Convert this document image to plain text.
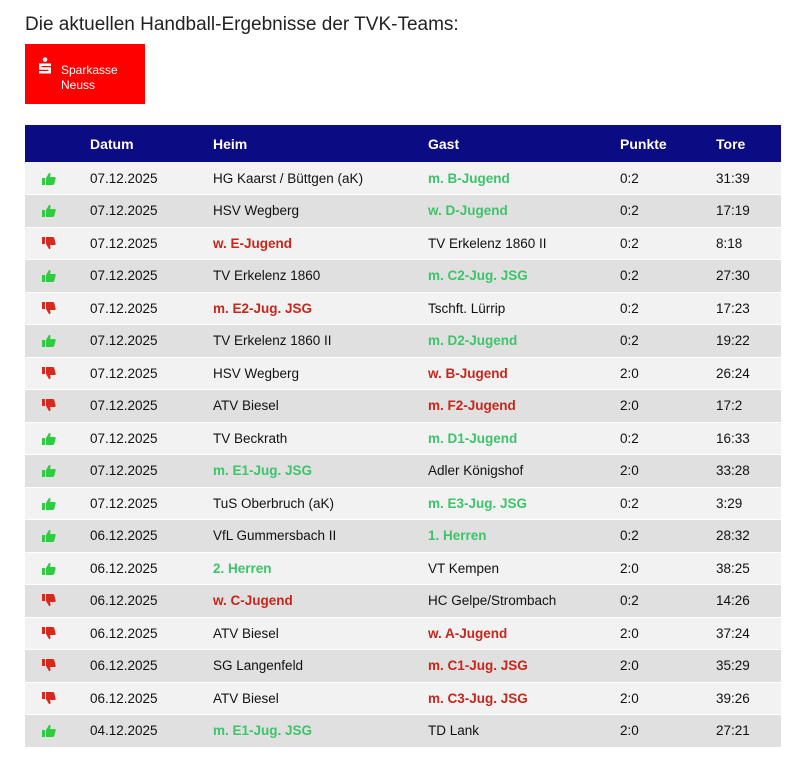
Die aktuellen Handball-Ergebnisse der TVK-Teams:
Sparkasse
Neuss
	Datum	Heim	Gast	Punkte	Tore

	07.12.2025	HG Kaarst / Büttgen (aK)	m. B-Jugend	0:2	31:39

	07.12.2025	HSV Wegberg	w. D-Jugend	0:2	17:19

	07.12.2025	w. E-Jugend	TV Erkelenz 1860 II	0:2	8:18

	07.12.2025	TV Erkelenz 1860	m. C2-Jug. JSG	0:2	27:30

	07.12.2025	m. E2-Jug. JSG	Tschft. Lürrip	0:2	17:23

	07.12.2025	TV Erkelenz 1860 II	m. D2-Jugend	0:2	19:22

	07.12.2025	HSV Wegberg	w. B-Jugend	2:0	26:24

	07.12.2025	ATV Biesel	m. F2-Jugend	2:0	17:2

	07.12.2025	TV Beckrath	m. D1-Jugend	0:2	16:33

	07.12.2025	m. E1-Jug. JSG	Adler Königshof	2:0	33:28

	07.12.2025	TuS Oberbruch (aK)	m. E3-Jug. JSG	0:2	3:29

	06.12.2025	VfL Gummersbach II	1. Herren	0:2	28:32

	06.12.2025	2. Herren	VT Kempen	2:0	38:25

	06.12.2025	w. C-Jugend	HC Gelpe/Strombach	0:2	14:26

	06.12.2025	ATV Biesel	w. A-Jugend	2:0	37:24

	06.12.2025	SG Langenfeld	m. C1-Jug. JSG	2:0	35:29

	06.12.2025	ATV Biesel	m. C3-Jug. JSG	2:0	39:26

	04.12.2025	m. E1-Jug. JSG	TD Lank	2:0	27:21
